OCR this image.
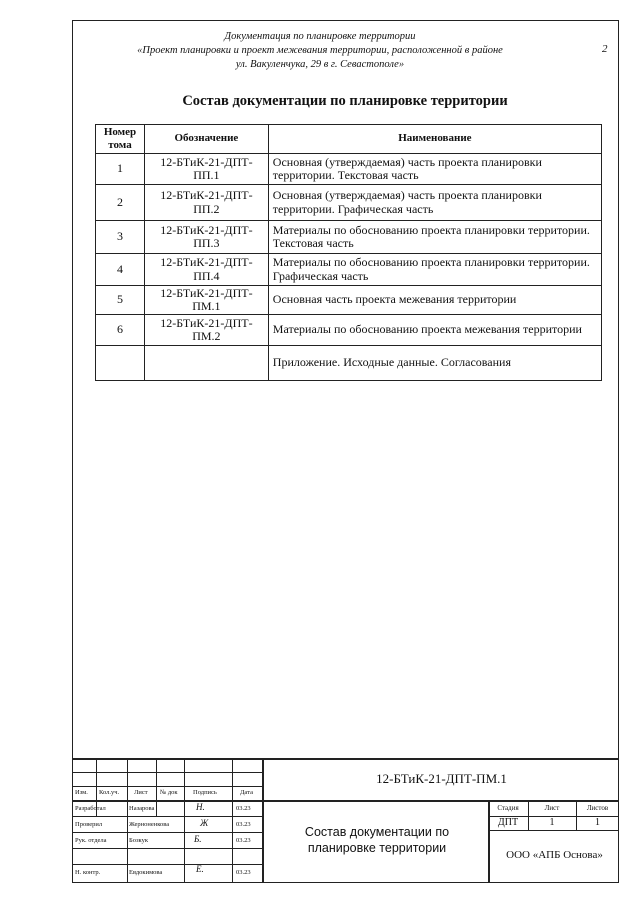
Документация по планировке территории
«Проект планировки и проект межевания территории, расположенной в районе
ул. Вакуленчука, 29 в г. Севастополе»
2
Состав документации по планировке территории
Номер тома	Обозначение	Наименование
1	12-БТиК-21-ДПТ-ПП.1	Основная (утверждаемая) часть проекта планировки территории. Текстовая часть
2	12-БТиК-21-ДПТ-ПП.2	Основная (утверждаемая) часть проекта планировки территории. Графическая часть
3	12-БТиК-21-ДПТ-ПП.3	Материалы по обоснованию проекта планировки территории. Текстовая часть
4	12-БТиК-21-ДПТ-ПП.4	Материалы по обоснованию проекта планировки территории. Графическая часть
5	12-БТиК-21-ДПТ-ПМ.1	Основная часть проекта межевания территории
6	12-БТиК-21-ДПТ-ПМ.2	Материалы по обоснованию проекта межевания территории
		Приложение. Исходные данные. Согласования
Изм. Кол.уч. Лист № док Подпись	Дата
Разработал	Назарова	Н.	03.23
Проверил	Жерноненкова	Ж	03.23
Рук. отдела	Бозкук	Б.	03.23
Н. контр.	Евдокимова	Е.	03.23
12-БТиК-21-ДПТ-ПМ.1
Состав документации по планировке территории
Стадия	Лист	Листов
ДПТ	1	1
ООО «АПБ Основа»
